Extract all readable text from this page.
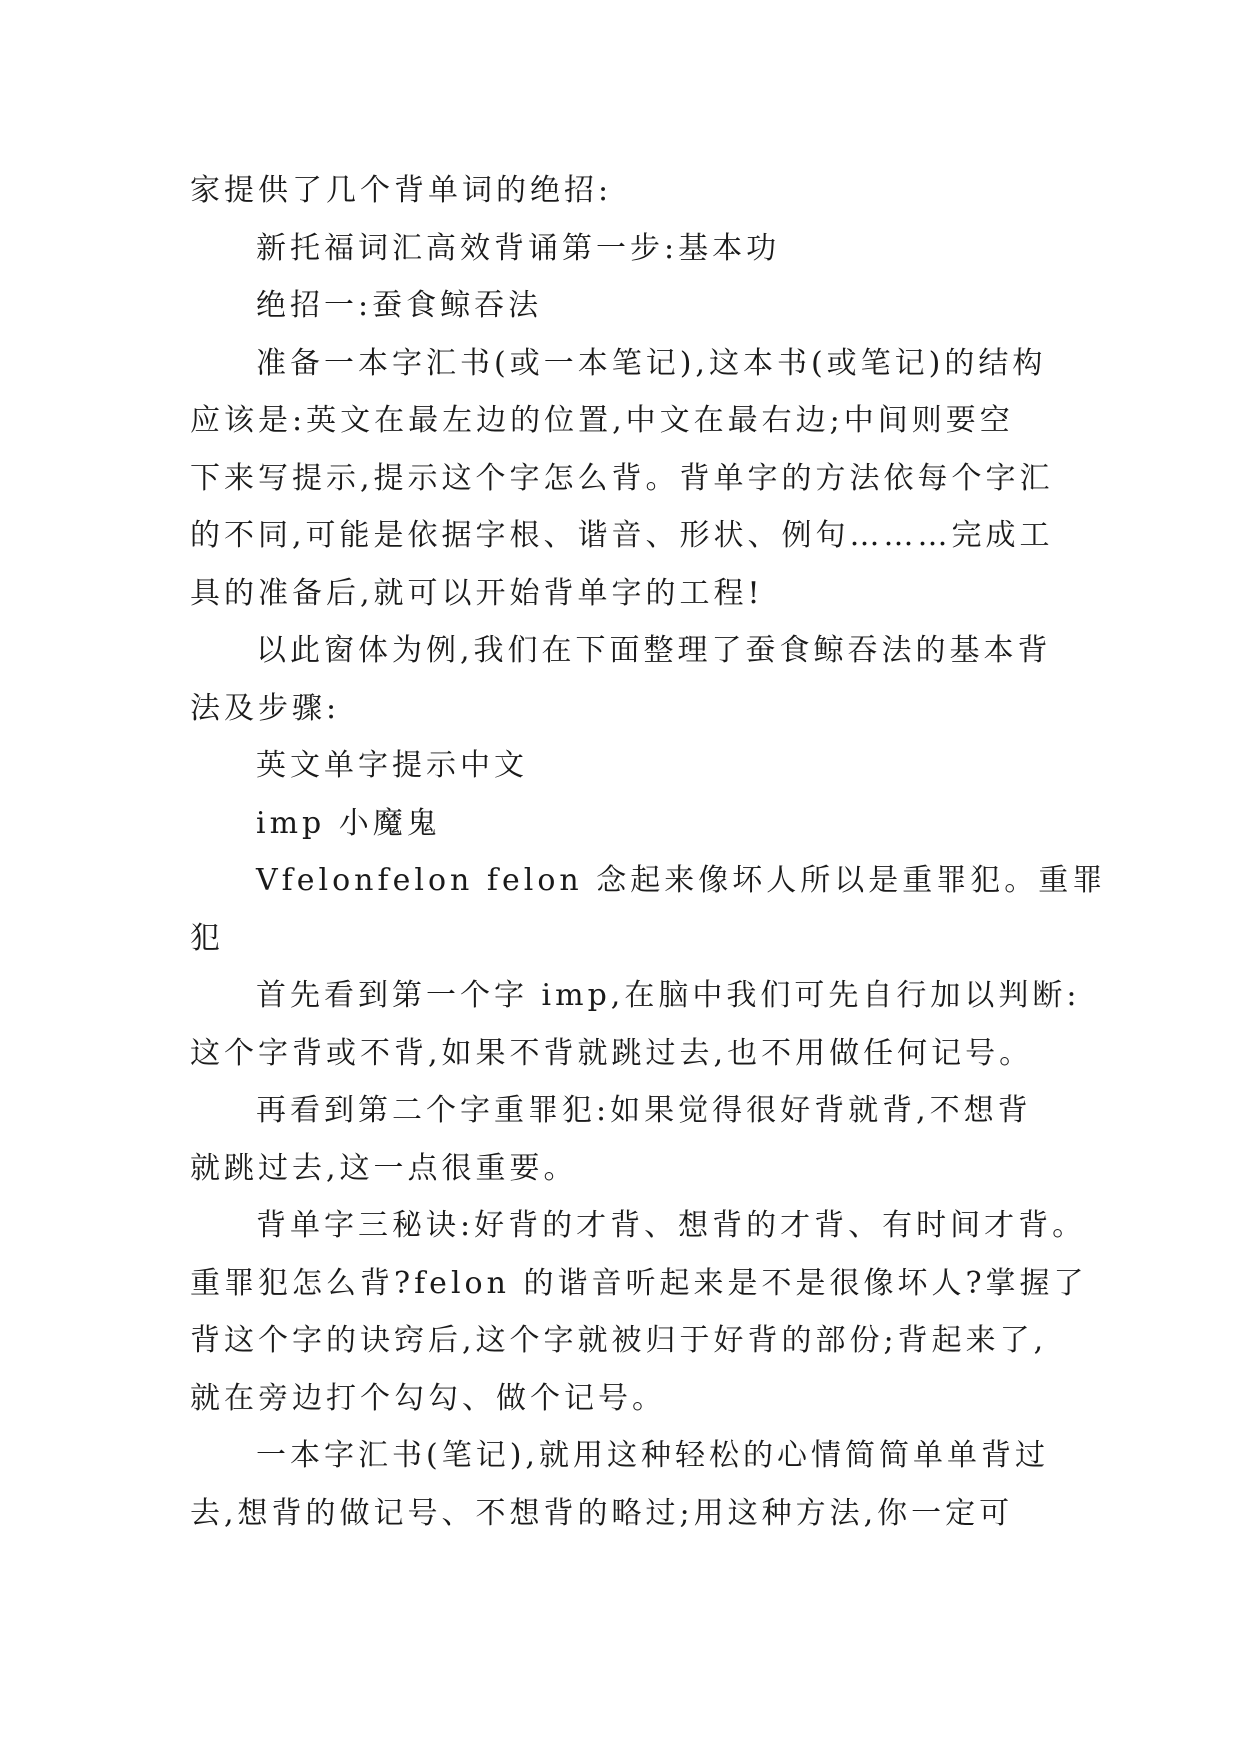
家提供了几个背单词的绝招:
新托福词汇高效背诵第一步:基本功
绝招一:蚕食鲸吞法
准备一本字汇书(或一本笔记),这本书(或笔记)的结构
应该是:英文在最左边的位置,中文在最右边;中间则要空
下来写提示,提示这个字怎么背。背单字的方法依每个字汇
的不同,可能是依据字根、谐音、形状、例句………完成工
具的准备后,就可以开始背单字的工程!
以此窗体为例,我们在下面整理了蚕食鲸吞法的基本背
法及步骤:
英文单字提示中文
imp 小魔鬼
Vfelonfelon felon 念起来像坏人所以是重罪犯。重罪
犯
首先看到第一个字 imp,在脑中我们可先自行加以判断:
这个字背或不背,如果不背就跳过去,也不用做任何记号。
再看到第二个字重罪犯:如果觉得很好背就背,不想背
就跳过去,这一点很重要。
背单字三秘诀:好背的才背、想背的才背、有时间才背。
重罪犯怎么背?felon 的谐音听起来是不是很像坏人?掌握了
背这个字的诀窍后,这个字就被归于好背的部份;背起来了,
就在旁边打个勾勾、做个记号。
一本字汇书(笔记),就用这种轻松的心情简简单单背过
去,想背的做记号、不想背的略过;用这种方法,你一定可
